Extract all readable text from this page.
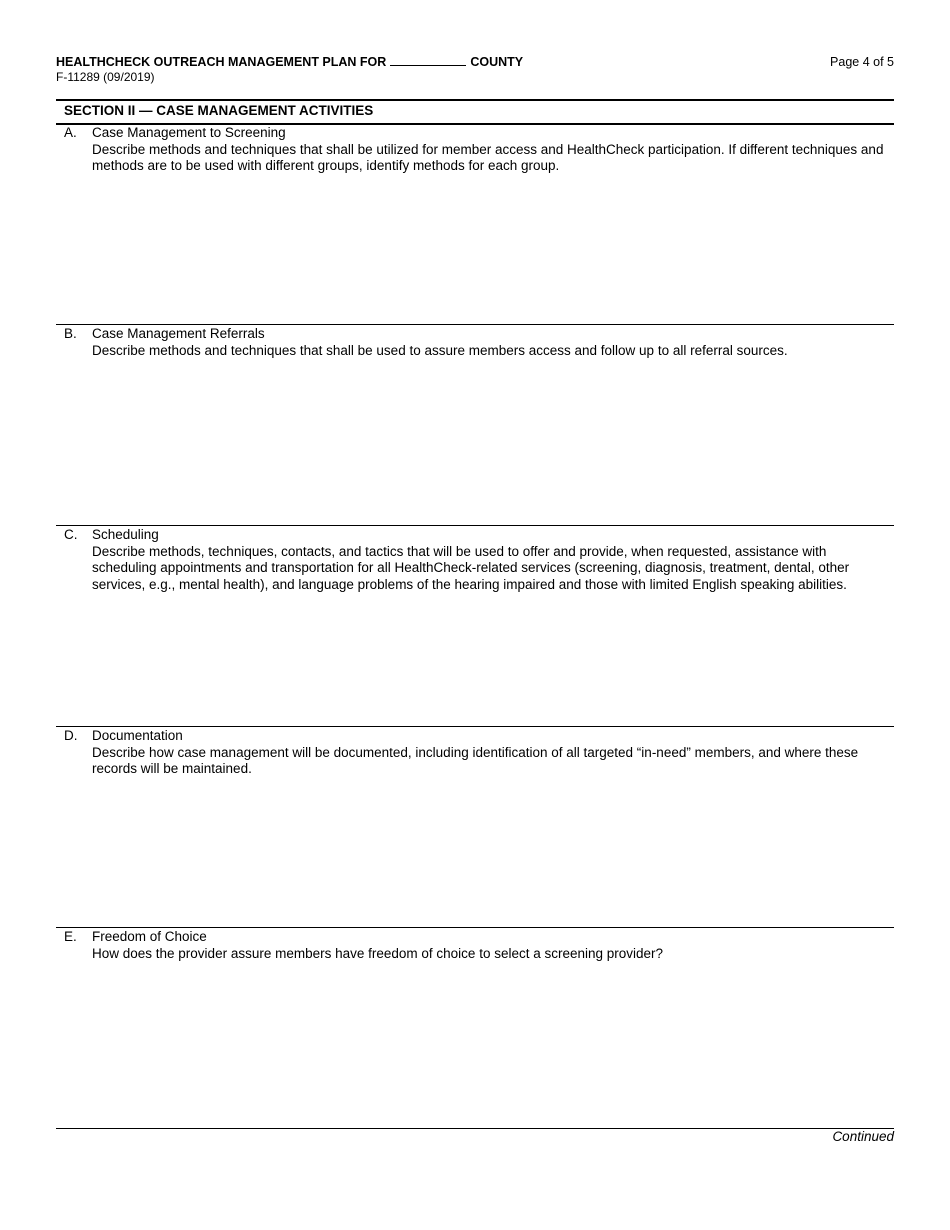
HEALTHCHECK OUTREACH MANAGEMENT PLAN FOR	COUNTY
F-11289 (09/2019)
Page 4 of 5
SECTION II — CASE MANAGEMENT ACTIVITIES
A. Case Management to Screening
Describe methods and techniques that shall be utilized for member access and HealthCheck participation. If different techniques and methods are to be used with different groups, identify methods for each group.
B. Case Management Referrals
Describe methods and techniques that shall be used to assure members access and follow up to all referral sources.
C. Scheduling
Describe methods, techniques, contacts, and tactics that will be used to offer and provide, when requested, assistance with scheduling appointments and transportation for all HealthCheck-related services (screening, diagnosis, treatment, dental, other services, e.g., mental health), and language problems of the hearing impaired and those with limited English speaking abilities.
D. Documentation
Describe how case management will be documented, including identification of all targeted “in-need” members, and where these records will be maintained.
E. Freedom of Choice
How does the provider assure members have freedom of choice to select a screening provider?
Continued
